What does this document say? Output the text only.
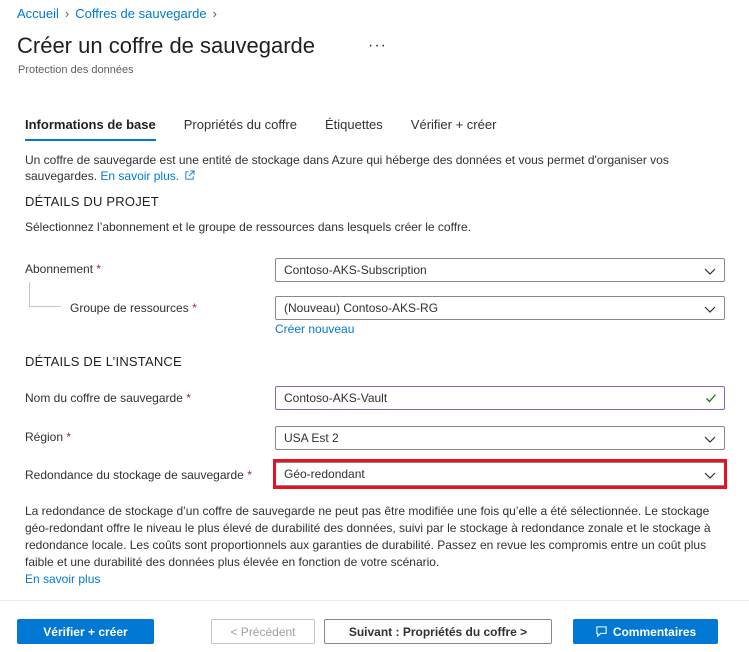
Accueil › Coffres de sauvegarde ›
Créer un coffre de sauvegarde	···
Protection des données
Informations de base Propriétés du coffre Étiquettes Vérifier + créer
Un coffre de sauvegarde est une entité de stockage dans Azure qui héberge des données et vous permet d'organiser vos sauvegardes. En savoir plus.
DÉTAILS DU PROJET
Sélectionnez l’abonnement et le groupe de ressources dans lesquels créer le coffre.
Abonnement *	Contoso-AKS-Subscription
Groupe de ressources *	(Nouveau) Contoso-AKS-RG
Créer nouveau
DÉTAILS DE L’INSTANCE
Nom du coffre de sauvegarde *	Contoso-AKS-Vault
Région *	USA Est 2
Redondance du stockage de sauvegarde *	Géo-redondant
La redondance de stockage d’un coffre de sauvegarde ne peut pas être modifiée une fois qu’elle a été sélectionnée. Le stockage géo-redondant offre le niveau le plus élevé de durabilité des données, suivi par le stockage à redondance zonale et le stockage à redondance locale. Les coûts sont proportionnels aux garanties de durabilité. Passez en revue les compromis entre un coût plus faible et une durabilité des données plus élevée en fonction de votre scénario.
En savoir plus
Vérifier + créer	< Précédent	Suivant : Propriétés du coffre >	Commentaires
